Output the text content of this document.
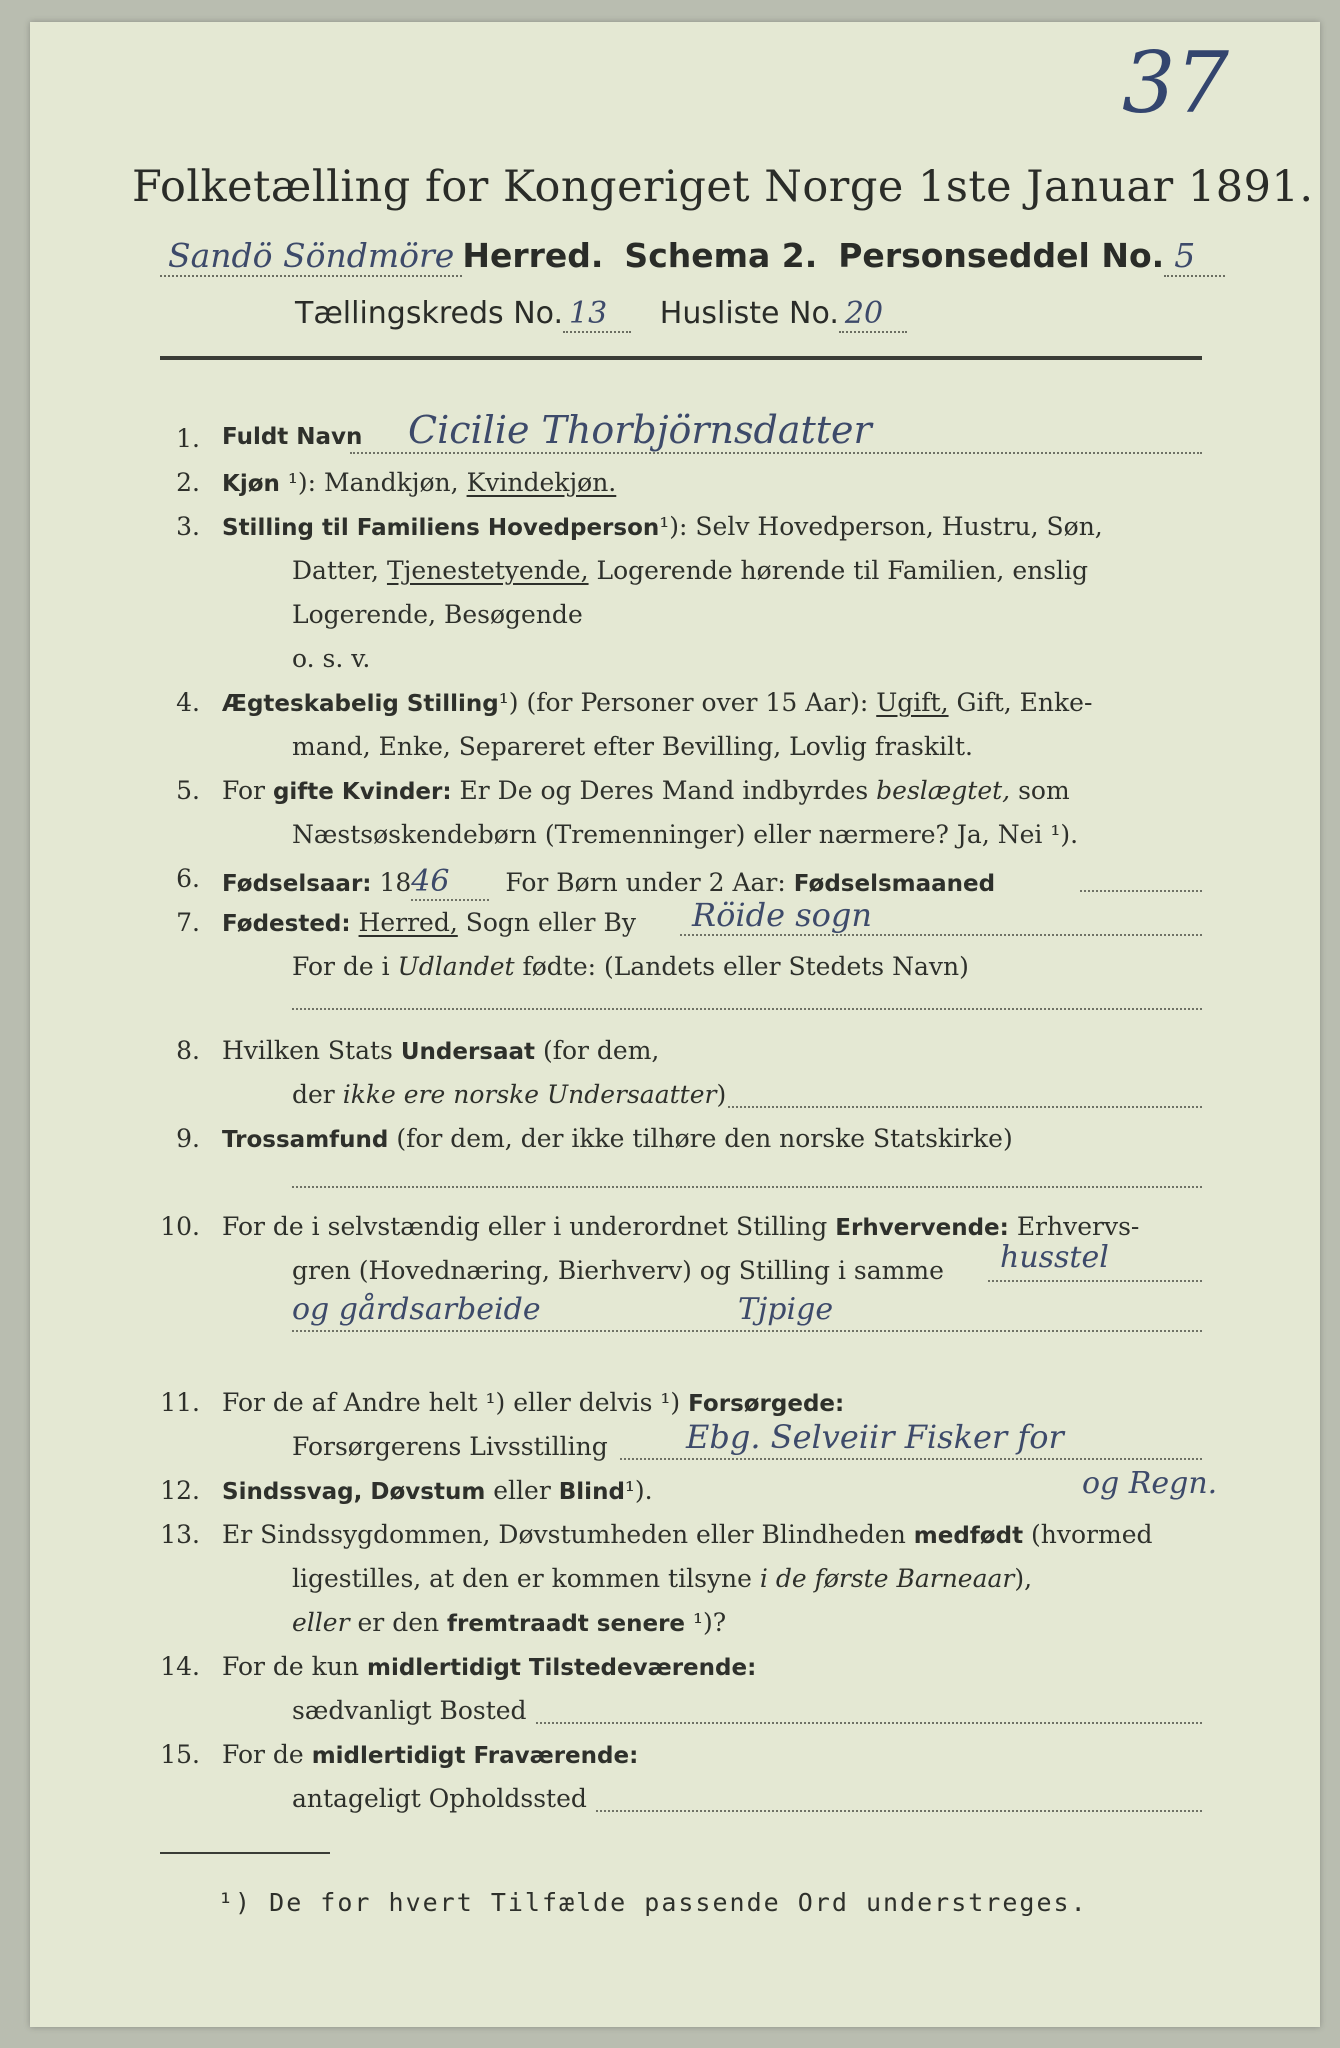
37
Folketælling for Kongeriget Norge 1ste Januar 1891.
Sandö Söndmöre Herred. Schema 2. Personseddel No. 5
Tællingskreds No. 13 Husliste No. 20
1. Fuldt Navn Cicilie Thorbjörnsdatter
2. Kjøn ¹): Mandkjøn, Kvindekjøn.
3. Stilling til Familiens Hovedperson¹): Selv Hovedperson, Hustru, Søn,
Datter, Tjenestetyende, Logerende hørende til Familien, enslig
Logerende, Besøgende
o. s. v.
4. Ægteskabelig Stilling¹) (for Personer over 15 Aar): Ugift, Gift, Enke-
mand, Enke, Separeret efter Bevilling, Lovlig fraskilt.
5. For gifte Kvinder: Er De og Deres Mand indbyrdes beslægtet, som
Næstsøskendebørn (Tremenninger) eller nærmere? Ja, Nei ¹).
6. Fødselsaar: 1846 For Børn under 2 Aar: Fødselsmaaned
7. Fødested: Herred, Sogn eller By Röide sogn
For de i Udlandet fødte: (Landets eller Stedets Navn)
8. Hvilken Stats Undersaat (for dem,
der ikke ere norske Undersaatter)
9. Trossamfund (for dem, der ikke tilhøre den norske Statskirke)
10. For de i selvstændig eller i underordnet Stilling Erhvervende: Erhvervs-
gren (Hovednæring, Bierhverv) og Stilling i samme husstel
og gårdsarbeide	Tjpige
11. For de af Andre helt ¹) eller delvis ¹) Forsørgede:
Forsørgerens Livsstilling Ebg. Selveiir Fisker for
og Regn.
12. Sindssvag, Døvstum eller Blind¹).
13. Er Sindssygdommen, Døvstumheden eller Blindheden medfødt (hvormed
ligestilles, at den er kommen tilsyne i de første Barneaar),
eller er den fremtraadt senere ¹)?
14. For de kun midlertidigt Tilstedeværende:
sædvanligt Bosted
15. For de midlertidigt Fraværende:
antageligt Opholdssted
¹) De for hvert Tilfælde passende Ord understreges.
